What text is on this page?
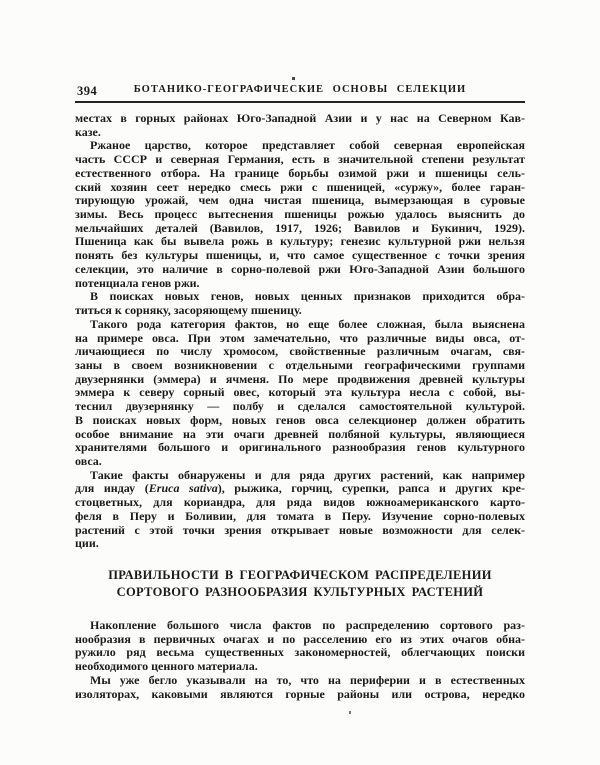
394	БОТАНИКО-ГЕОГРАФИЧЕСКИЕ ОСНОВЫ СЕЛЕКЦИИ
местах в горных районах Юго-Западной Азии и у нас на Северном Кав-
казе.
Ржаное царство, которое представляет собой северная европейская
часть СССР и северная Германия, есть в значительной степени результат
естественного отбора. На границе борьбы озимой ржи и пшеницы сель-
ский хозяин сеет нередко смесь ржи с пшеницей, «суржу», более гаран-
тирующую урожай, чем одна чистая пшеница, вымерзающая в суровые
зимы. Весь процесс вытеснения пшеницы рожью удалось выяснить до
мельчайших деталей (Вавилов, 1917, 1926; Вавилов и Букинич, 1929).
Пшеница как бы вывела рожь в культуру; генезис культурной ржи нельзя
понять без культуры пшеницы, и, что самое существенное с точки зрения
селекции, это наличие в сорно-полевой ржи Юго-Западной Азии большого
потенциала генов ржи.
В поисках новых генов, новых ценных признаков приходится обра-
титься к сорняку, засоряющему пшеницу.
Такого рода категория фактов, но еще более сложная, была выяснена
на примере овса. При этом замечательно, что различные виды овса, от-
личающиеся по числу хромосом, свойственные различным очагам, свя-
заны в своем возникновении с отдельными географическими группами
двузернянки (эммера) и ячменя. По мере продвижения древней культуры
эммера к северу сорный овес, который эта культура несла с собой, вы-
теснил двузернянку — полбу и сделался самостоятельной культурой.
В поисках новых форм, новых генов овса селекционер должен обратить
особое внимание на эти очаги древней полбяной культуры, являющиеся
хранителями большого и оригинального разнообразия генов культурного
овса.
Такие факты обнаружены и для ряда других растений, как например
для индау (Eruca sativa), рыжика, горчиц, сурепки, рапса и других кре-
стоцветных, для кориандра, для ряда видов южноамериканского карто-
феля в Перу и Боливии, для томата в Перу. Изучение сорно-полевых
растений с этой точки зрения открывает новые возможности для селек-
ции.
ПРАВИЛЬНОСТИ В ГЕОГРАФИЧЕСКОМ РАСПРЕДЕЛЕНИИ
СОРТОВОГО РАЗНООБРАЗИЯ КУЛЬТУРНЫХ РАСТЕНИЙ
Накопление большого числа фактов по распределению сортового раз-
нообразия в первичных очагах и по расселению его из этих очагов обна-
ружило ряд весьма существенных закономерностей, облегчающих поиски
необходимого ценного материала.
Мы уже бегло указывали на то, что на периферии и в естественных
изоляторах, каковыми являются горные районы или острова, нередко
